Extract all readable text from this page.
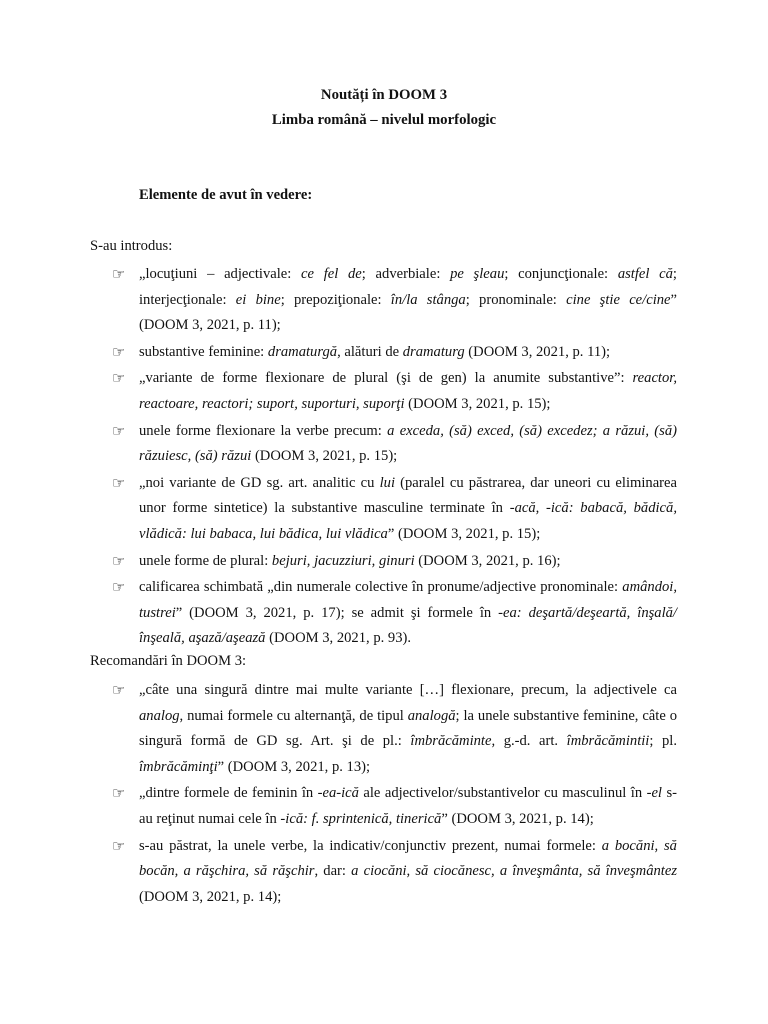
Noutăți în DOOM 3

Limba română – nivelul morfologic

Elemente de avut în vedere:

S-au introdus:

☞ „locuţiuni – adjectivale: ce fel de; adverbiale: pe şleau; conjuncţionale: astfel că; interjecţionale: ei bine; prepoziţionale: în/la stânga; pronominale: cine ştie ce/cine” (DOOM 3, 2021, p. 11);
☞ substantive feminine: dramaturgă, alături de dramaturg (DOOM 3, 2021, p. 11);
☞ „variante de forme flexionare de plural (şi de gen) la anumite substantive”: reactor, reactoare, reactori; suport, suporturi, suporţi (DOOM 3, 2021, p. 15);
☞ unele forme flexionare la verbe precum: a exceda, (să) exced, (să) excedez; a răzui, (să) răzuiesc, (să) răzui (DOOM 3, 2021, p. 15);
☞ „noi variante de GD sg. art. analitic cu lui (paralel cu păstrarea, dar uneori cu eliminarea unor forme sintetice) la substantive masculine terminate în -acă, -ică: babacă, bădică, vlădică: lui babaca, lui bădica, lui vlădica” (DOOM 3, 2021, p. 15);
☞ unele forme de plural: bejuri, jacuzziuri, ginuri (DOOM 3, 2021, p. 16);
☞ calificarea schimbată „din numerale colective în pronume/adjective pronominale: amândoi, tustrei” (DOOM 3, 2021, p. 17); se admit şi formele în -ea: deşartă/deşeartă, înşală/înşeală, aşază/aşează (DOOM 3, 2021, p. 93).

Recomandări în DOOM 3:

☞ „câte una singură dintre mai multe variante […] flexionare, precum, la adjectivele ca analog, numai formele cu alternanţă, de tipul analogă; la unele substantive feminine, câte o singură formă de GD sg. Art. şi de pl.: îmbrăcăminte, g.-d. art. îmbrăcămintii; pl. îmbrăcăminţi” (DOOM 3, 2021, p. 13);
☞ „dintre formele de feminin în -ea-ică ale adjectivelor/substantivelor cu masculinul în -el s-au reţinut numai cele în -ică: f. sprintenică, tinerică” (DOOM 3, 2021, p. 14);
☞ s-au păstrat, la unele verbe, la indicativ/conjunctiv prezent, numai formele: a bocăni, să bocăn, a răşchira, să răşchir, dar: a ciocăni, să ciocănesc, a înveşmânta, să înveşmântez (DOOM 3, 2021, p. 14);
